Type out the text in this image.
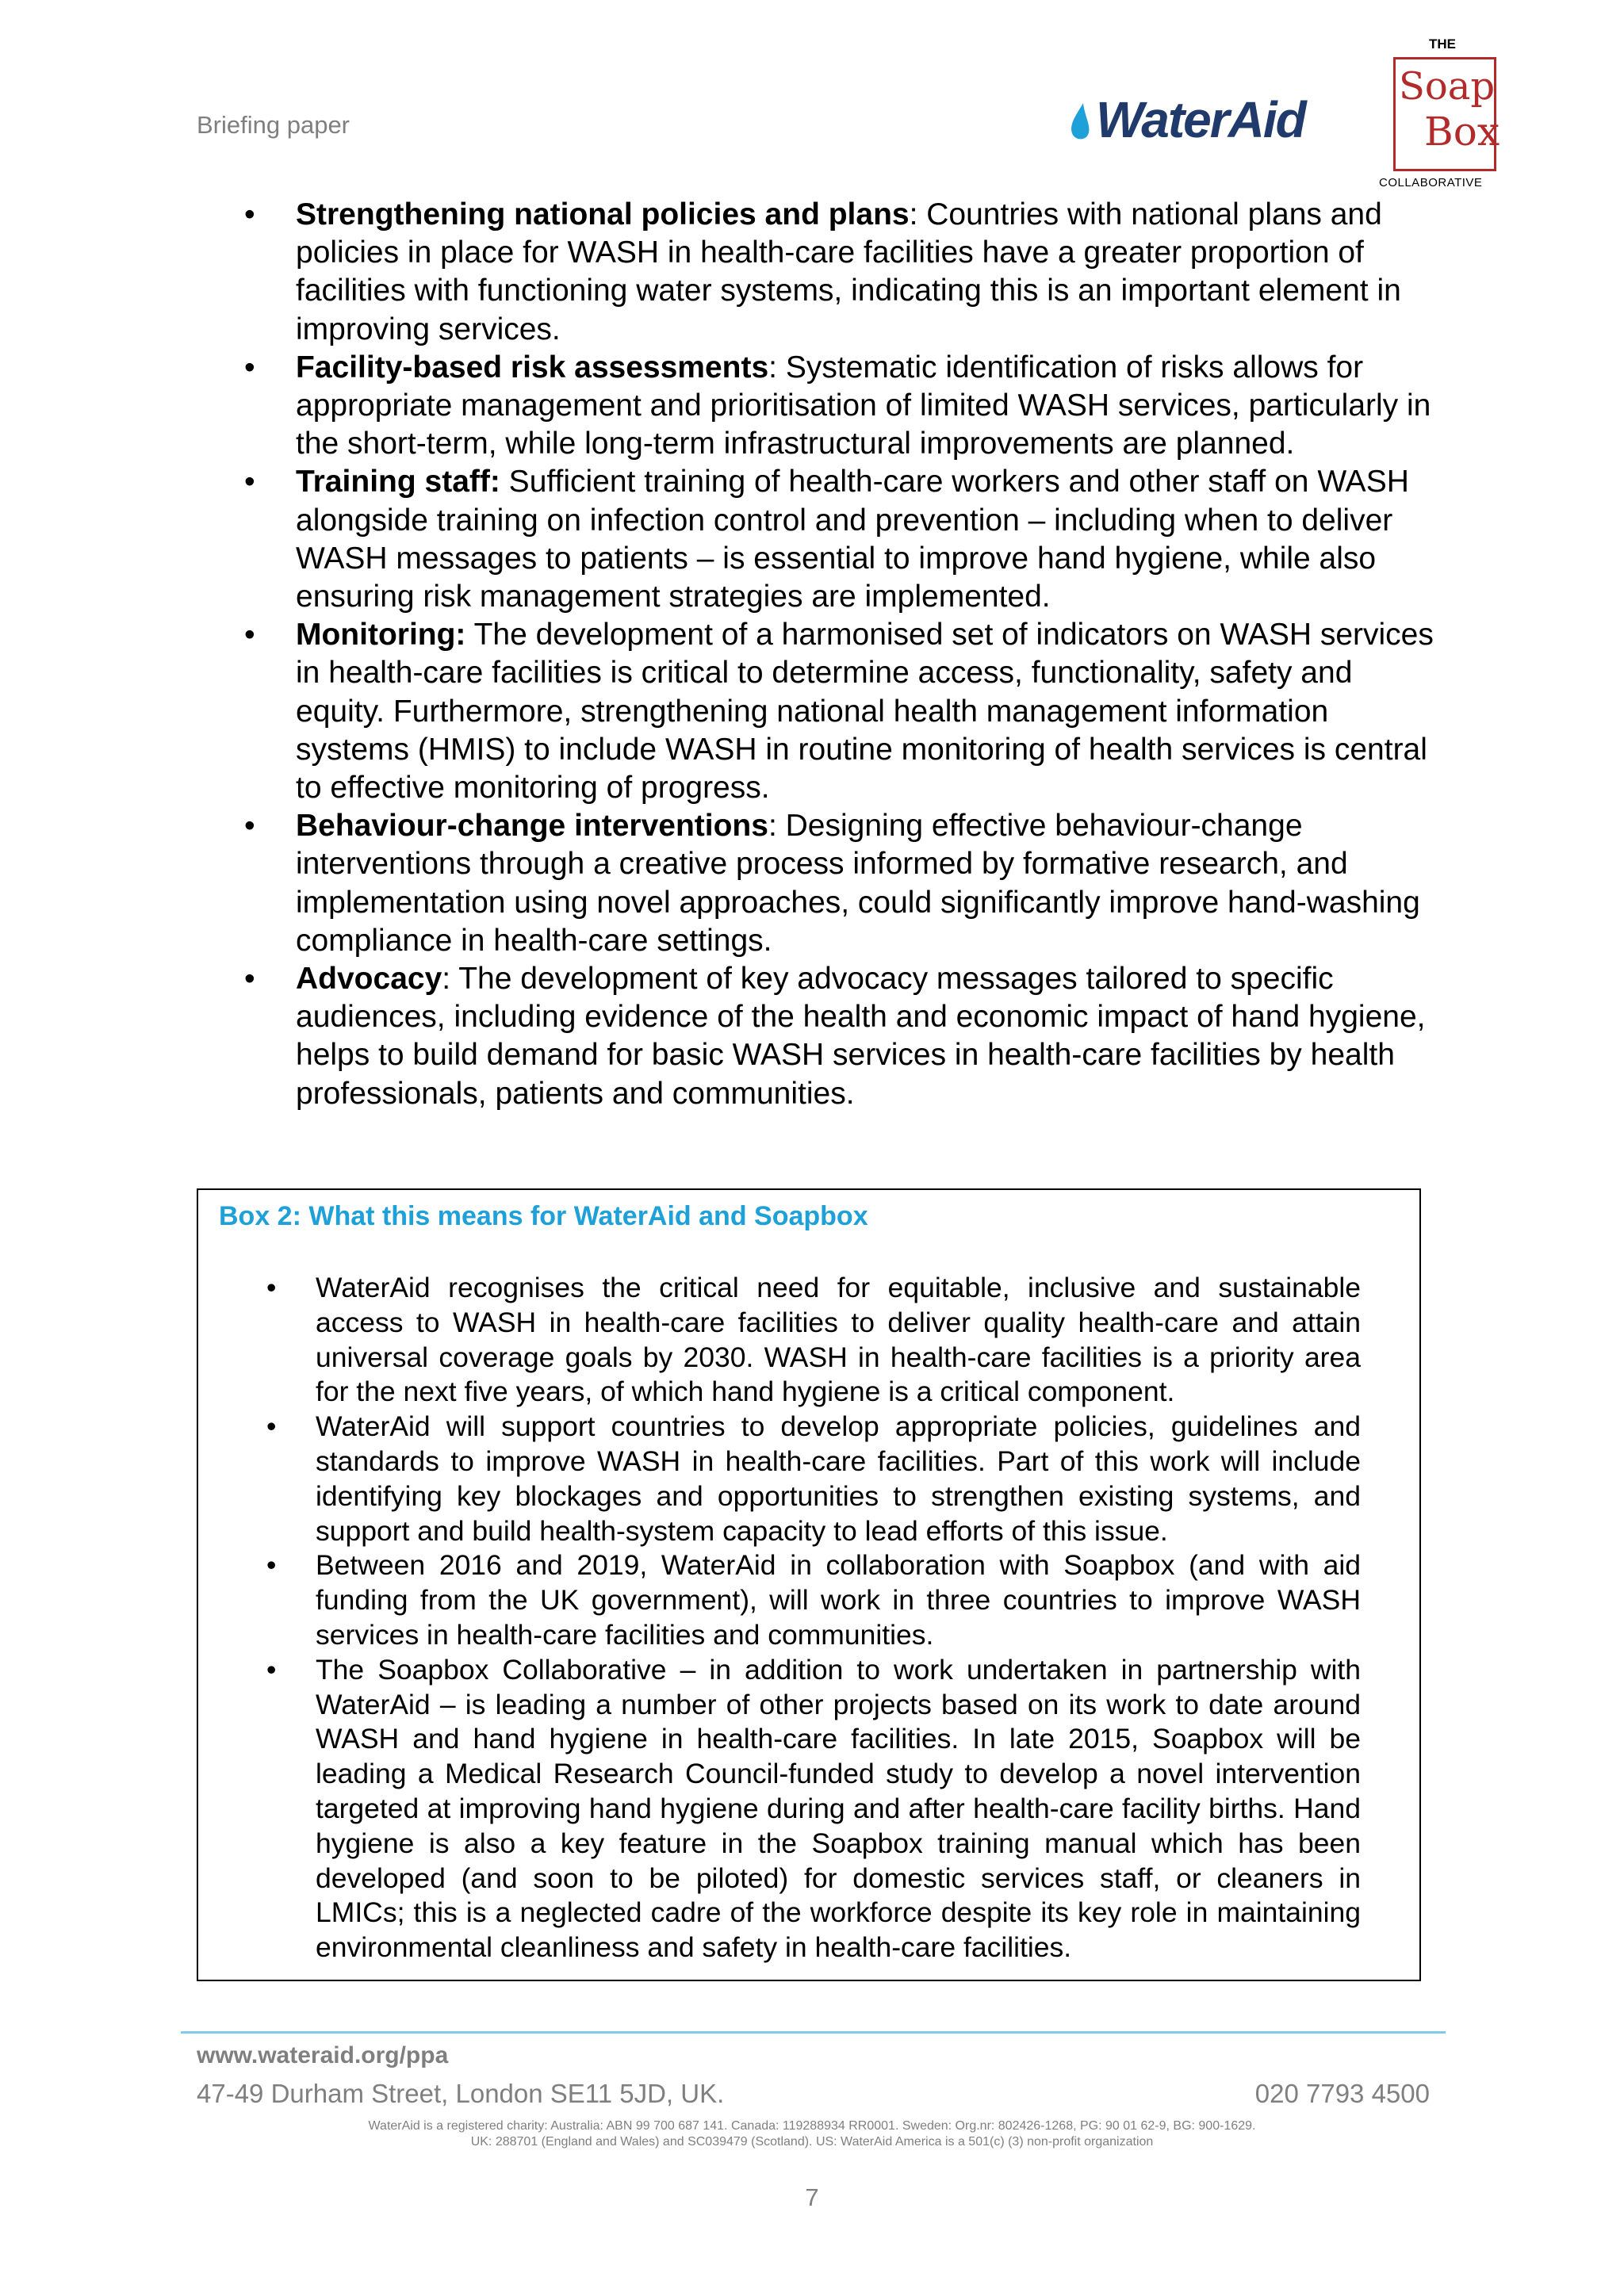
Briefing paper	WaterAid
THE
Soap
Box
COLLABORATIVE
• Strengthening national policies and plans: Countries with national plans and policies in place for WASH in health-care facilities have a greater proportion of facilities with functioning water systems, indicating this is an important element in improving services.
• Facility-based risk assessments: Systematic identification of risks allows for appropriate management and prioritisation of limited WASH services, particularly in the short-term, while long-term infrastructural improvements are planned.
• Training staff: Sufficient training of health-care workers and other staff on WASH alongside training on infection control and prevention – including when to deliver WASH messages to patients – is essential to improve hand hygiene, while also ensuring risk management strategies are implemented.
• Monitoring: The development of a harmonised set of indicators on WASH services in health-care facilities is critical to determine access, functionality, safety and equity. Furthermore, strengthening national health management information systems (HMIS) to include WASH in routine monitoring of health services is central to effective monitoring of progress.
• Behaviour-change interventions: Designing effective behaviour-change interventions through a creative process informed by formative research, and implementation using novel approaches, could significantly improve hand-washing compliance in health-care settings.
• Advocacy: The development of key advocacy messages tailored to specific audiences, including evidence of the health and economic impact of hand hygiene, helps to build demand for basic WASH services in health-care facilities by health professionals, patients and communities.
Box 2: What this means for WaterAid and Soapbox
• WaterAid recognises the critical need for equitable, inclusive and sustainable access to WASH in health-care facilities to deliver quality health-care and attain universal coverage goals by 2030. WASH in health-care facilities is a priority area for the next five years, of which hand hygiene is a critical component.
• WaterAid will support countries to develop appropriate policies, guidelines and standards to improve WASH in health-care facilities. Part of this work will include identifying key blockages and opportunities to strengthen existing systems, and support and build health-system capacity to lead efforts of this issue.
• Between 2016 and 2019, WaterAid in collaboration with Soapbox (and with aid funding from the UK government), will work in three countries to improve WASH services in health-care facilities and communities.
• The Soapbox Collaborative – in addition to work undertaken in partnership with WaterAid – is leading a number of other projects based on its work to date around WASH and hand hygiene in health-care facilities. In late 2015, Soapbox will be leading a Medical Research Council-funded study to develop a novel intervention targeted at improving hand hygiene during and after health-care facility births. Hand hygiene is also a key feature in the Soapbox training manual which has been developed (and soon to be piloted) for domestic services staff, or cleaners in LMICs; this is a neglected cadre of the workforce despite its key role in maintaining environmental cleanliness and safety in health-care facilities.
www.wateraid.org/ppa
47-49 Durham Street, London SE11 5JD, UK.	020 7793 4500
WaterAid is a registered charity: Australia: ABN 99 700 687 141. Canada: 119288934 RR0001. Sweden: Org.nr: 802426-1268, PG: 90 01 62-9, BG: 900-1629.
UK: 288701 (England and Wales) and SC039479 (Scotland). US: WaterAid America is a 501(c) (3) non-profit organization
7
